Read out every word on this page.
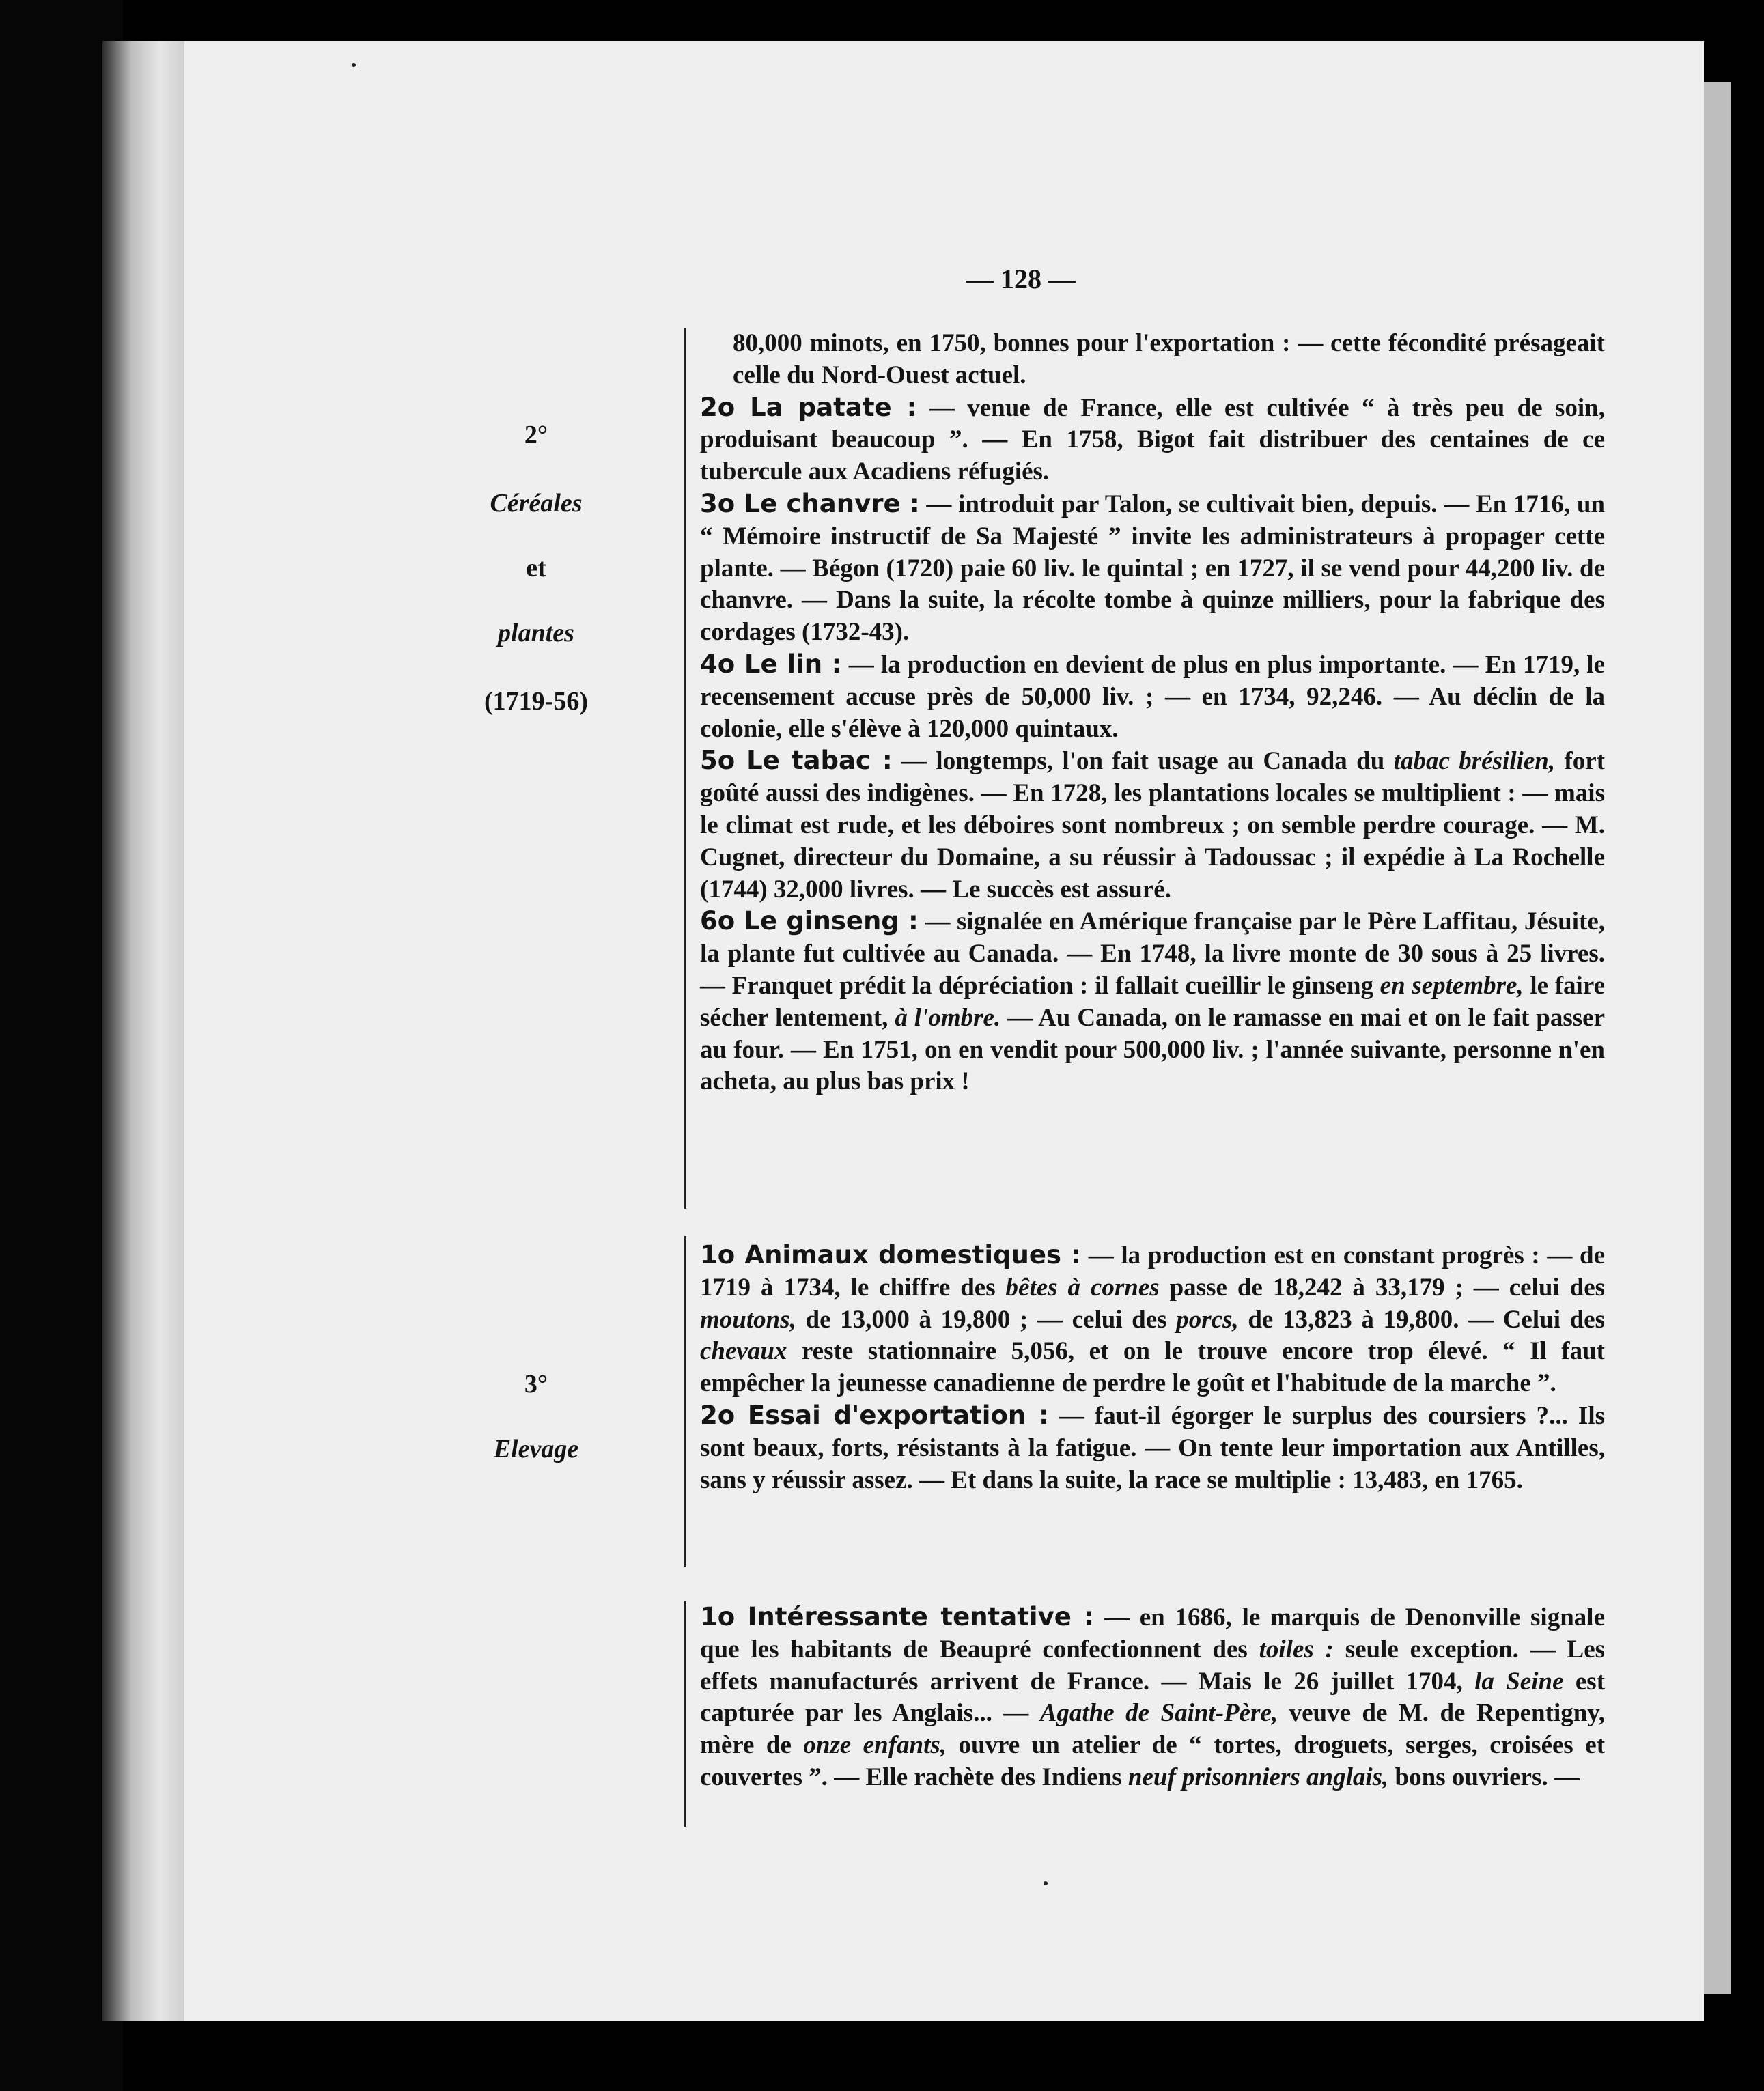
— 128 —
2°
Céréales
et
plantes
(1719-56)

80,000 minots, en 1750, bonnes pour l'exportation : — cette fécondité présageait celle du Nord-Ouest actuel.

2o La patate : — venue de France, elle est cultivée “ à très peu de soin, produisant beaucoup ”. — En 1758, Bigot fait distribuer des centaines de ce tubercule aux Acadiens réfugiés.

3o Le chanvre : — introduit par Talon, se cultivait bien, depuis. — En 1716, un “ Mémoire instructif de Sa Majesté ” invite les administrateurs à propager cette plante. — Bégon (1720) paie 60 liv. le quintal ; en 1727, il se vend pour 44,200 liv. de chanvre. — Dans la suite, la récolte tombe à quinze milliers, pour la fabrique des cordages (1732-43).

4o Le lin : — la production en devient de plus en plus importante. — En 1719, le recensement accuse près de 50,000 liv. ; — en 1734, 92,246. — Au déclin de la colonie, elle s'élève à 120,000 quintaux.

5o Le tabac : — longtemps, l'on fait usage au Canada du tabac brésilien, fort goûté aussi des indigènes. — En 1728, les plantations locales se multiplient : — mais le climat est rude, et les déboires sont nombreux ; on semble perdre courage. — M. Cugnet, directeur du Domaine, a su réussir à Tadoussac ; il expédie à La Rochelle (1744) 32,000 livres. — Le succès est assuré.

6o Le ginseng : — signalée en Amérique française par le Père Laffitau, Jésuite, la plante fut cultivée au Canada. — En 1748, la livre monte de 30 sous à 25 livres. — Franquet prédit la dépréciation : il fallait cueillir le ginseng en septembre, le faire sécher lentement, à l'ombre. — Au Canada, on le ramasse en mai et on le fait passer au four. — En 1751, on en vendit pour 500,000 liv. ; l'année suivante, personne n'en acheta, au plus bas prix !

3°
Elevage

1o Animaux domestiques : — la production est en constant progrès : — de 1719 à 1734, le chiffre des bêtes à cornes passe de 18,242 à 33,179 ; — celui des moutons, de 13,000 à 19,800 ; — celui des porcs, de 13,823 à 19,800. — Celui des chevaux reste stationnaire 5,056, et on le trouve encore trop élevé. “ Il faut empêcher la jeunesse canadienne de perdre le goût et l'habitude de la marche ”.

2o Essai d'exportation : — faut-il égorger le surplus des coursiers ?... Ils sont beaux, forts, résistants à la fatigue. — On tente leur importation aux Antilles, sans y réussir assez. — Et dans la suite, la race se multiplie : 13,483, en 1765.

1o Intéressante tentative : — en 1686, le marquis de Denonville signale que les habitants de Beaupré confectionnent des toiles : seule exception. — Les effets manufacturés arrivent de France. — Mais le 26 juillet 1704, la Seine est capturée par les Anglais... — Agathe de Saint-Père, veuve de M. de Repentigny, mère de onze enfants, ouvre un atelier de “ tortes, droguets, serges, croisées et couvertes ”. — Elle rachète des Indiens neuf prisonniers anglais, bons ouvriers. —
